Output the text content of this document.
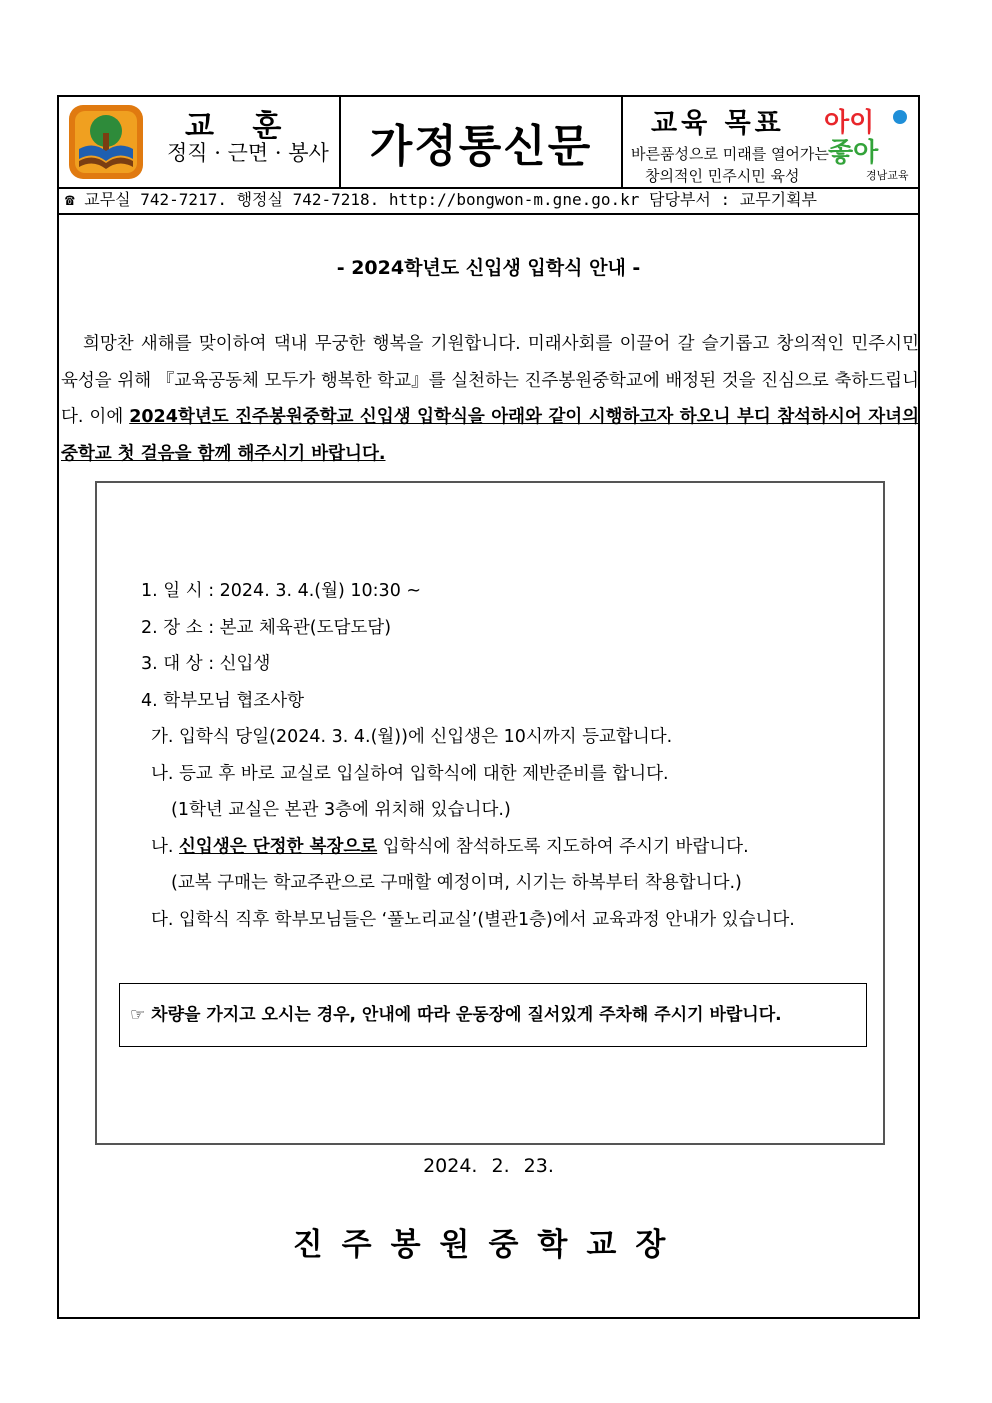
교 훈
정직 · 근면 · 봉사 가정통신문 교육 목표
바른품성으로 미래를 열어가는
창의적인 민주시민 육성
아이
좋아
경남교육
☎ 교무실 742-7217. 행정실 742-7218. http://bongwon-m.gne.go.kr 담당부서 : 교무기획부
- 2024학년도 신입생 입학식 안내 -
희망찬 새해를 맞이하여 댁내 무궁한 행복을 기원합니다. 미래사회를 이끌어 갈 슬기롭고 창의적인 민주시민 육성을 위해 『교육공동체 모두가 행복한 학교』를 실천하는 진주봉원중학교에 배정된 것을 진심으로 축하드립니다. 이에 2024학년도 진주봉원중학교 신입생 입학식을 아래와 같이 시행하고자 하오니 부디 참석하시어 자녀의 중학교 첫 걸음을 함께 해주시기 바랍니다.
1. 일 시 : 2024. 3. 4.(월) 10:30 ~
2. 장 소 : 본교 체육관(도담도담)
3. 대 상 : 신입생
4. 학부모님 협조사항
가. 입학식 당일(2024. 3. 4.(월))에 신입생은 10시까지 등교합니다.
나. 등교 후 바로 교실로 입실하여 입학식에 대한 제반준비를 합니다.
(1학년 교실은 본관 3층에 위치해 있습니다.)
나. 신입생은 단정한 복장으로 입학식에 참석하도록 지도하여 주시기 바랍니다.
(교복 구매는 학교주관으로 구매할 예정이며, 시기는 하복부터 착용합니다.)
다. 입학식 직후 학부모님들은 ‘풀노리교실’(별관1층)에서 교육과정 안내가 있습니다.
☞ 차량을 가지고 오시는 경우, 안내에 따라 운동장에 질서있게 주차해 주시기 바랍니다.
2024. 2. 23.
진주봉원중학교장
